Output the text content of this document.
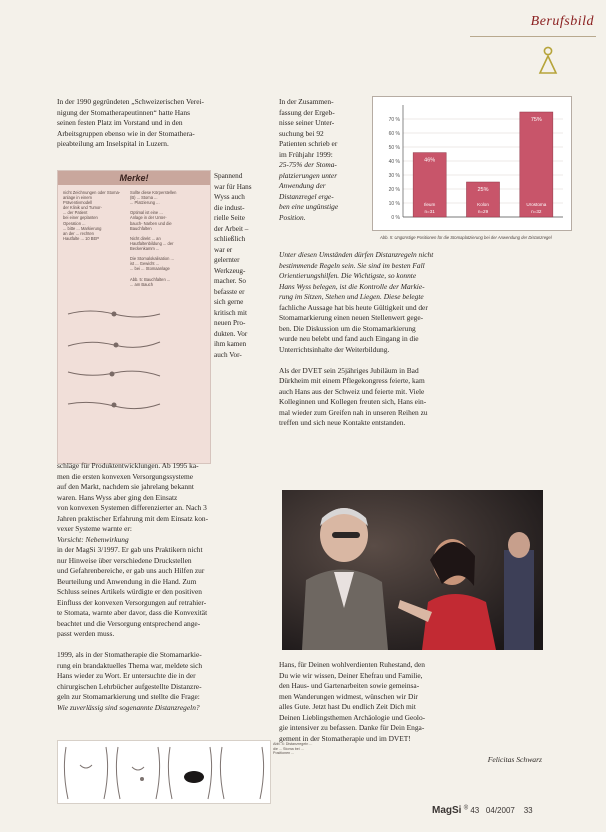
Berufsbild
In der 1990 gegründeten „Schweizerischen Verei-
nigung der Stomatherapeutinnen“ hatte Hans
seinen festen Platz im Vorstand und in den
Arbeitsgruppen ebenso wie in der Stomathera-
pieabteilung am Inselspital in Luzern.
Merke!
nicht Zeichnungen oder Stoma-
anlage in einem Präventivmodell
der Klinik und Tumor-
... der Patient
bei einer geplanten
Operation ...
... bitte ... Markierung
an der ... rechten
Hautfalte ... 10 BEP
Sollte diese Körperstellen
(B) ... Stoma ...
... Platzierung ...

Optimal ist eine ...
Anlage in der Unter-
bauch- Narben und die
Bauchfalten

Nicht direkt ... an
Hautfaltenbildung ... der
Beckenkamm ...

Die Stomalokalisation ...
ist ... Gewicht ...
... bei ... Stomaanlage

Abb. 5: Bauchfalten ...
... am Bauch
Spannend
war für Hans
Wyss auch
die indust-
rielle Seite
der Arbeit –
schließlich
war er
gelernter
Werkzeug-
macher. So
befasste er
sich gerne
kritisch mit
neuen Pro-
dukten. Vor
ihm kamen
auch Vor-
schläge für Produktentwicklungen. Ab 1995 ka-
men die ersten konvexen Versorgungssysteme
auf den Markt, nachdem sie jahrelang bekannt
waren. Hans Wyss aber ging den Einsatz
von konvexen Systemen differenzierter an. Nach 3
Jahren praktischer Erfahrung mit dem Einsatz kon-
vexer Systeme warnte er:
Vorsicht: Nebenwirkung
in der MagSi 3/1997. Er gab uns Praktikern nicht
nur Hinweise über verschiedene Druckstellen
und Gefahrenbereiche, er gab uns auch Hilfen zur
Beurteilung und Anwendung in die Hand. Zum
Schluss seines Artikels würdigte er den positiven
Einfluss der konvexen Versorgungen auf retrahier-
te Stomata, warnte aber davor, dass die Konvexität
beachtet und die Versorgung entsprechend ange-
passt werden muss.
1999, als in der Stomatherapie die Stomamarkie-
rung ein brandaktuelles Thema war, meldete sich
Hans wieder zu Wort. Er untersuchte die in der
chirurgischen Lehrbücher aufgestellte Distanzre-
geln zur Stomamarkierung und stellte die Frage:
Wie zuverlässig sind sogenannte Distanzregeln?
In der Zusammen-
fassung der Ergeb-
nisse seiner Unter-
suchung bei 92
Patienten schrieb er
im Frühjahr 1999:
25-75% der Stoma-
platzierungen unter
Anwendung der
Distanzregel erge-
ben eine ungünstige
Position.
70 %
60 %
50 %
40 %
30 %
20 %
10 %
0 %
46%
Ileum
n=31
25%
Kolon
n=29
75%
Urostoma
n=32
Abb. 5: Ungünstige Positionen für die Stomaplatzierung bei der Anwendung der Distanzregel
Unter diesen Umständen dürfen Distanzregeln nicht
bestimmende Regeln sein. Sie sind im besten Fall
Orientierungshilfen. Die Wichtigste, so konnte
Hans Wyss belegen, ist die Kontrolle der Markie-
rung im Sitzen, Stehen und Liegen. Diese belegte
fachliche Aussage hat bis heute Gültigkeit und der
Stomamarkierung einen neuen Stellenwert gege-
ben. Die Diskussion um die Stomamarkierung
wurde neu belebt und fand auch Eingang in die
Unterrichtsinhalte der Weiterbildung.
Als der DVET sein 25jähriges Jubiläum in Bad
Dürkheim mit einem Pflegekongress feierte, kam
auch Hans aus der Schweiz und feierte mit. Viele
Kolleginnen und Kollegen freuten sich, Hans ein-
mal wieder zum Greifen nah in unseren Reihen zu
treffen und sich neue Kontakte entstanden.
Hans, für Deinen wohlverdienten Ruhestand, den
Du wie wir wissen, Deiner Ehefrau und Familie,
den Haus- und Gartenarbeiten sowie gemeinsa-
men Wanderungen widmest, wünschen wir Dir
alles Gute. Jetzt hast Du endlich Zeit Dich mit
Deinen Lieblingsthemen Archäologie und Geolo-
gie intensiver zu befassen. Danke für Dein Enga-
gement in der Stomatherapie und im DVET!
Felicitas Schwarz
Abb. 4: Distanzregeln ... die ... Stoma bei ... Positionen ...
MagSi ® 43 04/2007 33
